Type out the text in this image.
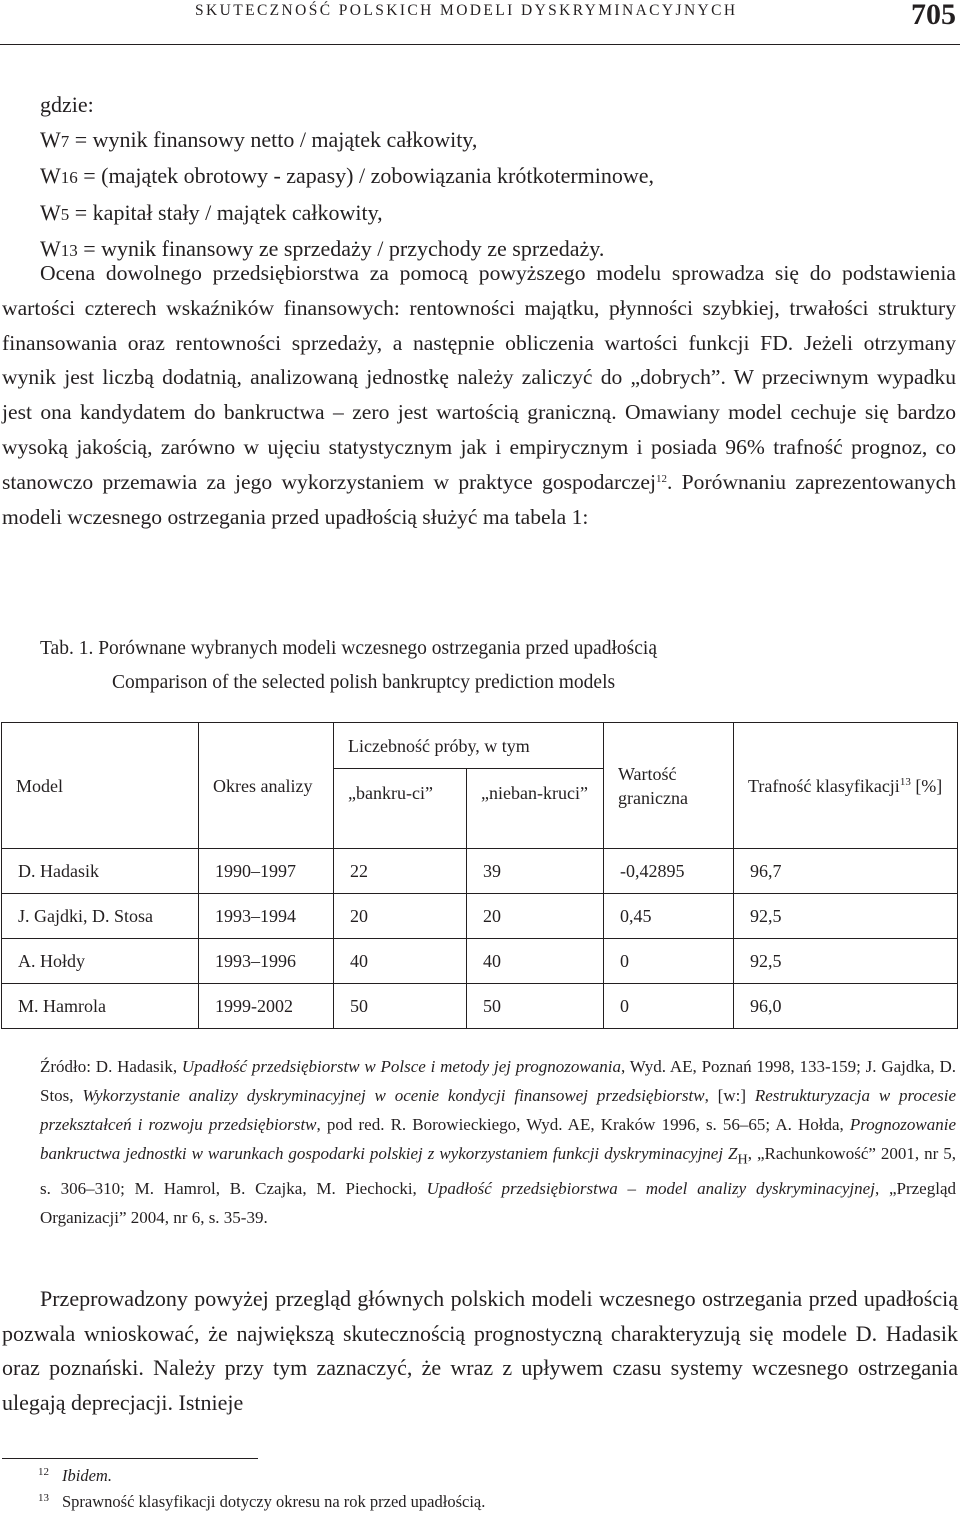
SKUTECZNOŚĆ POLSKICH MODELI DYSKRYMINACYJNYCH	705
gdzie:
W7 = wynik finansowy netto / majątek całkowity,
W16 = (majątek obrotowy - zapasy) / zobowiązania krótkoterminowe,
W5 = kapitał stały / majątek całkowity,
W13 = wynik finansowy ze sprzedaży / przychody ze sprzedaży.

Ocena dowolnego przedsiębiorstwa za pomocą powyższego modelu sprowadza się do podstawienia wartości czterech wskaźników finansowych: rentowności majątku, płynności szybkiej, trwałości struktury finansowania oraz rentowności sprzedaży, a następnie obliczenia wartości funkcji FD. Jeżeli otrzymany wynik jest liczbą dodatnią, analizowaną jednostkę należy zaliczyć do „dobrych”. W przeciwnym wypadku jest ona kandydatem do bankructwa – zero jest wartością graniczną. Omawiany model cechuje się bardzo wysoką jakością, zarówno w ujęciu statystycznym jak i empirycznym i posiada 96% trafność prognoz, co stanowczo przemawia za jego wykorzystaniem w praktyce gospodarczej$^{12}$. Porównaniu zaprezentowanych modeli wczesnego ostrzegania przed upadłością służyć ma tabela 1:

Tab. 1. Porównane wybranych modeli wczesnego ostrzegania przed upadłością
Comparison of the selected polish bankruptcy prediction models
Model	Okres analizy	Liczebność próby, w tym		Wartość graniczna	Trafność klasyfikacji$^{13}$ [%]
		„bankru-ci”	„nieban-kruci”		
D. Hadasik	1990–1997	22	39	-0,42895	96,7
J. Gajdki, D. Stosa	1993–1994	20	20	0,45	92,5
A. Hołdy	1993–1996	40	40	0	92,5
M. Hamrola	1999-2002	50	50	0	96,0

Źródło: D. Hadasik, Upadłość przedsiębiorstw w Polsce i metody jej prognozowania, Wyd. AE, Poznań 1998, 133-159; J. Gajdka, D. Stos, Wykorzystanie analizy dyskryminacyjnej w ocenie kondycji finansowej przedsiębiorstw, [w:] Restrukturyzacja w procesie przekształceń i rozwoju przedsiębiorstw, pod red. R. Borowieckiego, Wyd. AE, Kraków 1996, s. 56–65; A. Hołda, Prognozowanie bankructwa jednostki w warunkach gospodarki polskiej z wykorzystaniem funkcji dyskryminacyjnej $Z_H$, „Rachunkowość” 2001, nr 5, s. 306–310; M. Hamrol, B. Czajka, M. Piechocki, Upadłość przedsiębiorstwa – model analizy dyskryminacyjnej, „Przegląd Organizacji” 2004, nr 6, s. 35-39.

Przeprowadzony powyżej przegląd głównych polskich modeli wczesnego ostrzegania przed upadłością pozwala wnioskować, że największą skutecznością prognostyczną charakteryzują się modele D. Hadasik oraz poznański. Należy przy tym zaznaczyć, że wraz z upływem czasu systemy wczesnego ostrzegania ulegają deprecjacji. Istnieje

12 Ibidem.
13 Sprawność klasyfikacji dotyczy okresu na rok przed upadłością.
